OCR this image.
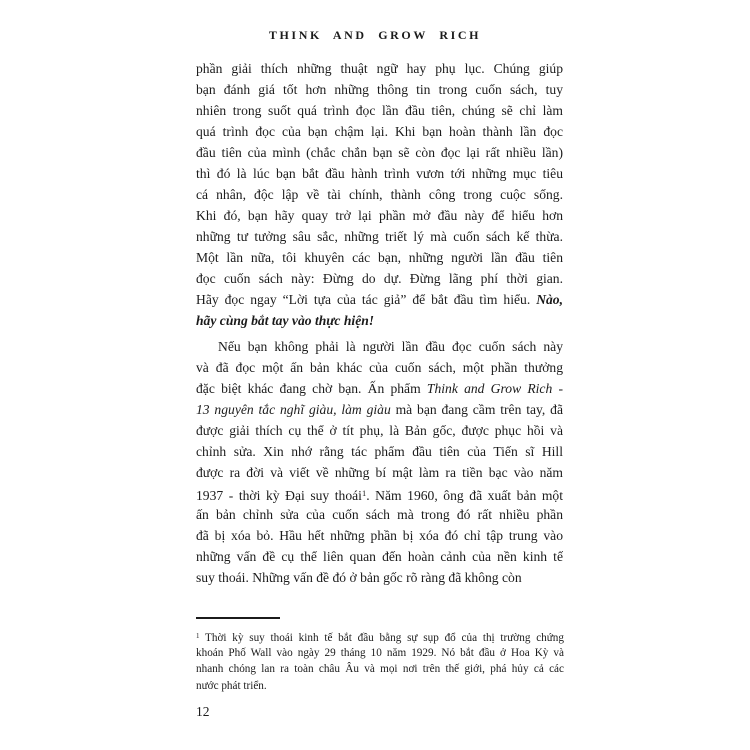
THINK AND GROW RICH
phần giải thích những thuật ngữ hay phụ lục. Chúng giúp
bạn đánh giá tốt hơn những thông tin trong cuốn sách, tuy
nhiên trong suốt quá trình đọc lần đầu tiên, chúng sẽ chỉ làm
quá trình đọc của bạn chậm lại. Khi bạn hoàn thành lần đọc
đầu tiên của mình (chắc chắn bạn sẽ còn đọc lại rất nhiều lần)
thì đó là lúc bạn bắt đầu hành trình vươn tới những mục tiêu
cá nhân, độc lập về tài chính, thành công trong cuộc sống.
Khi đó, bạn hãy quay trở lại phần mở đầu này để hiểu hơn
những tư tưởng sâu sắc, những triết lý mà cuốn sách kế thừa.
Một lần nữa, tôi khuyên các bạn, những người lần đầu tiên
đọc cuốn sách này: Đừng do dự. Đừng lãng phí thời gian.
Hãy đọc ngay “Lời tựa của tác giả” để bắt đầu tìm hiểu. Nào,
hãy cùng bắt tay vào thực hiện!
Nếu bạn không phải là người lần đầu đọc cuốn sách này
và đã đọc một ấn bản khác của cuốn sách, một phần thưởng
đặc biệt khác đang chờ bạn. Ấn phẩm Think and Grow Rich -
13 nguyên tắc nghĩ giàu, làm giàu mà bạn đang cầm trên tay, đã
được giải thích cụ thể ở tít phụ, là Bản gốc, được phục hồi và
chỉnh sửa. Xin nhớ rằng tác phẩm đầu tiên của Tiến sĩ Hill
được ra đời và viết về những bí mật làm ra tiền bạc vào năm
1937 - thời kỳ Đại suy thoái$^1$. Năm 1960, ông đã xuất bản một
ấn bản chỉnh sửa của cuốn sách mà trong đó rất nhiều phần
đã bị xóa bỏ. Hầu hết những phần bị xóa đó chỉ tập trung vào
những vấn đề cụ thể liên quan đến hoàn cảnh của nền kinh tế
suy thoái. Những vấn đề đó ở bản gốc rõ ràng đã không còn
$^1$ Thời kỳ suy thoái kinh tế bắt đầu bằng sự sụp đổ của thị trường chứng
khoán Phố Wall vào ngày 29 tháng 10 năm 1929. Nó bắt đầu ở Hoa Kỳ và
nhanh chóng lan ra toàn châu Âu và mọi nơi trên thế giới, phá hủy cả các
nước phát triển.
12
